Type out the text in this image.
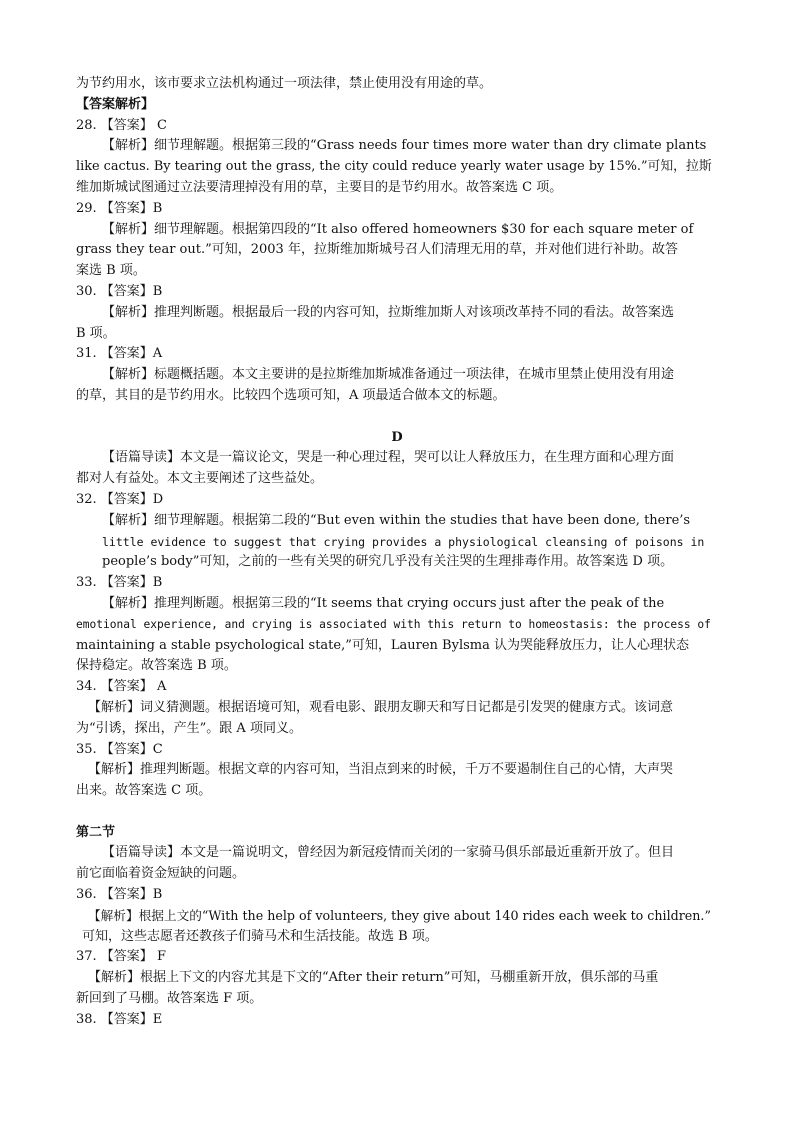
为节约用水，该市要求立法机构通过一项法律，禁止使用没有用途的草。
【答案解析】
28. 【答案】 C
【解析】细节理解题。根据第三段的“Grass needs four times more water than dry climate plants
like cactus. By tearing out the grass, the city could reduce yearly water usage by 15%.”可知，拉斯
维加斯城试图通过立法要清理掉没有用的草，主要目的是节约用水。故答案选 C 项。
29. 【答案】B
【解析】细节理解题。根据第四段的“It also offered homeowners $30 for each square meter of
grass they tear out.”可知，2003 年，拉斯维加斯城号召人们清理无用的草，并对他们进行补助。故答
案选 B 项。
30. 【答案】B
【解析】推理判断题。根据最后一段的内容可知，拉斯维加斯人对该项改革持不同的看法。故答案选
B 项。
31. 【答案】A
【解析】标题概括题。本文主要讲的是拉斯维加斯城准备通过一项法律，在城市里禁止使用没有用途
的草，其目的是节约用水。比较四个选项可知，A 项最适合做本文的标题。
D
【语篇导读】本文是一篇议论文，哭是一种心理过程，哭可以让人释放压力，在生理方面和心理方面
都对人有益处。本文主要阐述了这些益处。
32. 【答案】D
【解析】细节理解题。根据第二段的“But even within the studies that have been done, there’s
little evidence to suggest that crying provides a physiological cleansing of poisons in
people’s body”可知，之前的一些有关哭的研究几乎没有关注哭的生理排毒作用。故答案选 D 项。
33. 【答案】B
【解析】推理判断题。根据第三段的“It seems that crying occurs just after the peak of the
emotional experience, and crying is associated with this return to homeostasis: the process of
maintaining a stable psychological state,”可知，Lauren Bylsma 认为哭能释放压力，让人心理状态
保持稳定。故答案选 B 项。
34. 【答案】 A
【解析】词义猜测题。根据语境可知，观看电影、跟朋友聊天和写日记都是引发哭的健康方式。该词意
为“引诱，探出，产生”。跟 A 项同义。
35. 【答案】C
【解析】推理判断题。根据文章的内容可知，当泪点到来的时候，千万不要遏制住自己的心情，大声哭
出来。故答案选 C 项。
第二节
【语篇导读】本文是一篇说明文，曾经因为新冠疫情而关闭的一家骑马俱乐部最近重新开放了。但目
前它面临着资金短缺的问题。
36. 【答案】B
【解析】根据上文的“With the help of volunteers, they give about 140 rides each week to children.”
可知，这些志愿者还教孩子们骑马术和生活技能。故选 B 项。
37. 【答案】 F
【解析】根据上下文的内容尤其是下文的“After their return”可知，马棚重新开放，俱乐部的马重
新回到了马棚。故答案选 F 项。
38. 【答案】E
